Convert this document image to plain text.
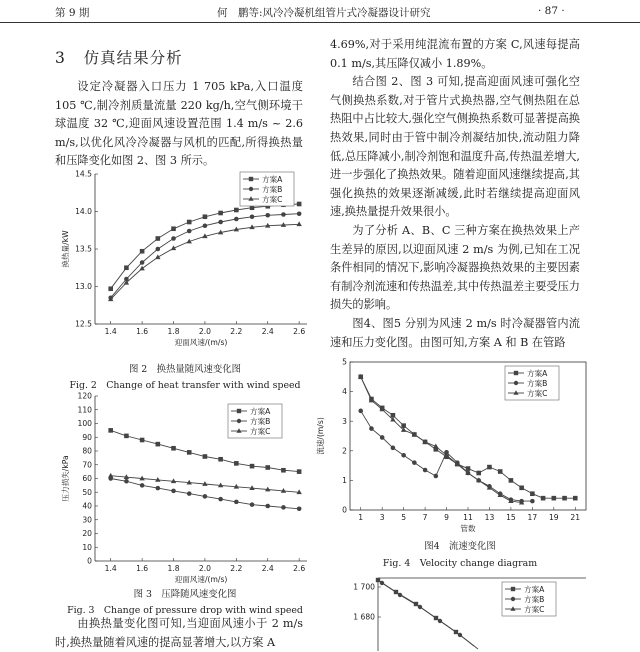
第 9 期	何　鹏等:风冷冷凝机组管片式冷凝器设计研究	· 87 ·
3 仿真结果分析

设定冷凝器入口压力 1 705 kPa,入口温度 105 ℃,制冷剂质量流量 220 kg/h,空气侧环境干球温度 32 ℃,迎面风速设置范围 1.4 m/s ~ 2.6 m/s,以优化风冷冷凝器与风机的匹配,所得换热量和压降变化如图 2、图 3 所示。

12.5
13.0
13.5
14.0
14.5
1.4	1.6	1.8	2.0	2.2	2.4	2.6
迎面风速/(m/s)
换热量/kW
方案A
方案B
方案C
图 2　换热量随风速变化图
Fig. 2　Change of heat transfer with wind speed
0
10
20
30
40
50
60
70
80
90
100
110
120
1.4	1.6	1.8	2.0	2.2	2.4	2.6
迎面风速/(m/s)
压力损失/kPa
方案A
方案B
方案C
图 3　压降随风速变化图
Fig. 3　Change of pressure drop with wind speed

由换热量变化图可知,当迎面风速小于 2 m/s 时,换热量随着风速的提高显著增大,以方案 A

4.69%,对于采用纯混流布置的方案 C,风速每提高 0.1 m/s,其压降仅减小 1.89%。

结合图 2、图 3 可知,提高迎面风速可强化空气侧换热系数,对于管片式换热器,空气侧热阻在总热阻中占比较大,强化空气侧换热系数可显著提高换热效果,同时由于管中制冷剂凝结加快,流动阻力降低,总压降减小,制冷剂饱和温度升高,传热温差增大,进一步强化了换热效果。随着迎面风速继续提高,其强化换热的效果逐渐减缓,此时若继续提高迎面风速,换热量提升效果很小。

为了分析 A、B、C 三种方案在换热效果上产生差异的原因,以迎面风速 2 m/s 为例,已知在工况条件相同的情况下,影响冷凝器换热效果的主要因素有制冷剂流速和传热温差,其中传热温差主要受压力损失的影响。

图4、图5 分别为风速 2 m/s 时冷凝器管内流速和压力变化图。由图可知,方案 A 和 B 在管路

0
1
2
3
4
5
1 3 5 7 9 11 13 15 17 19 21
管数
流速/(m/s)
方案A
方案B
方案C
图4　流速变化图
Fig. 4　Velocity change diagram
1 700
1 680
方案A
方案B
方案C
